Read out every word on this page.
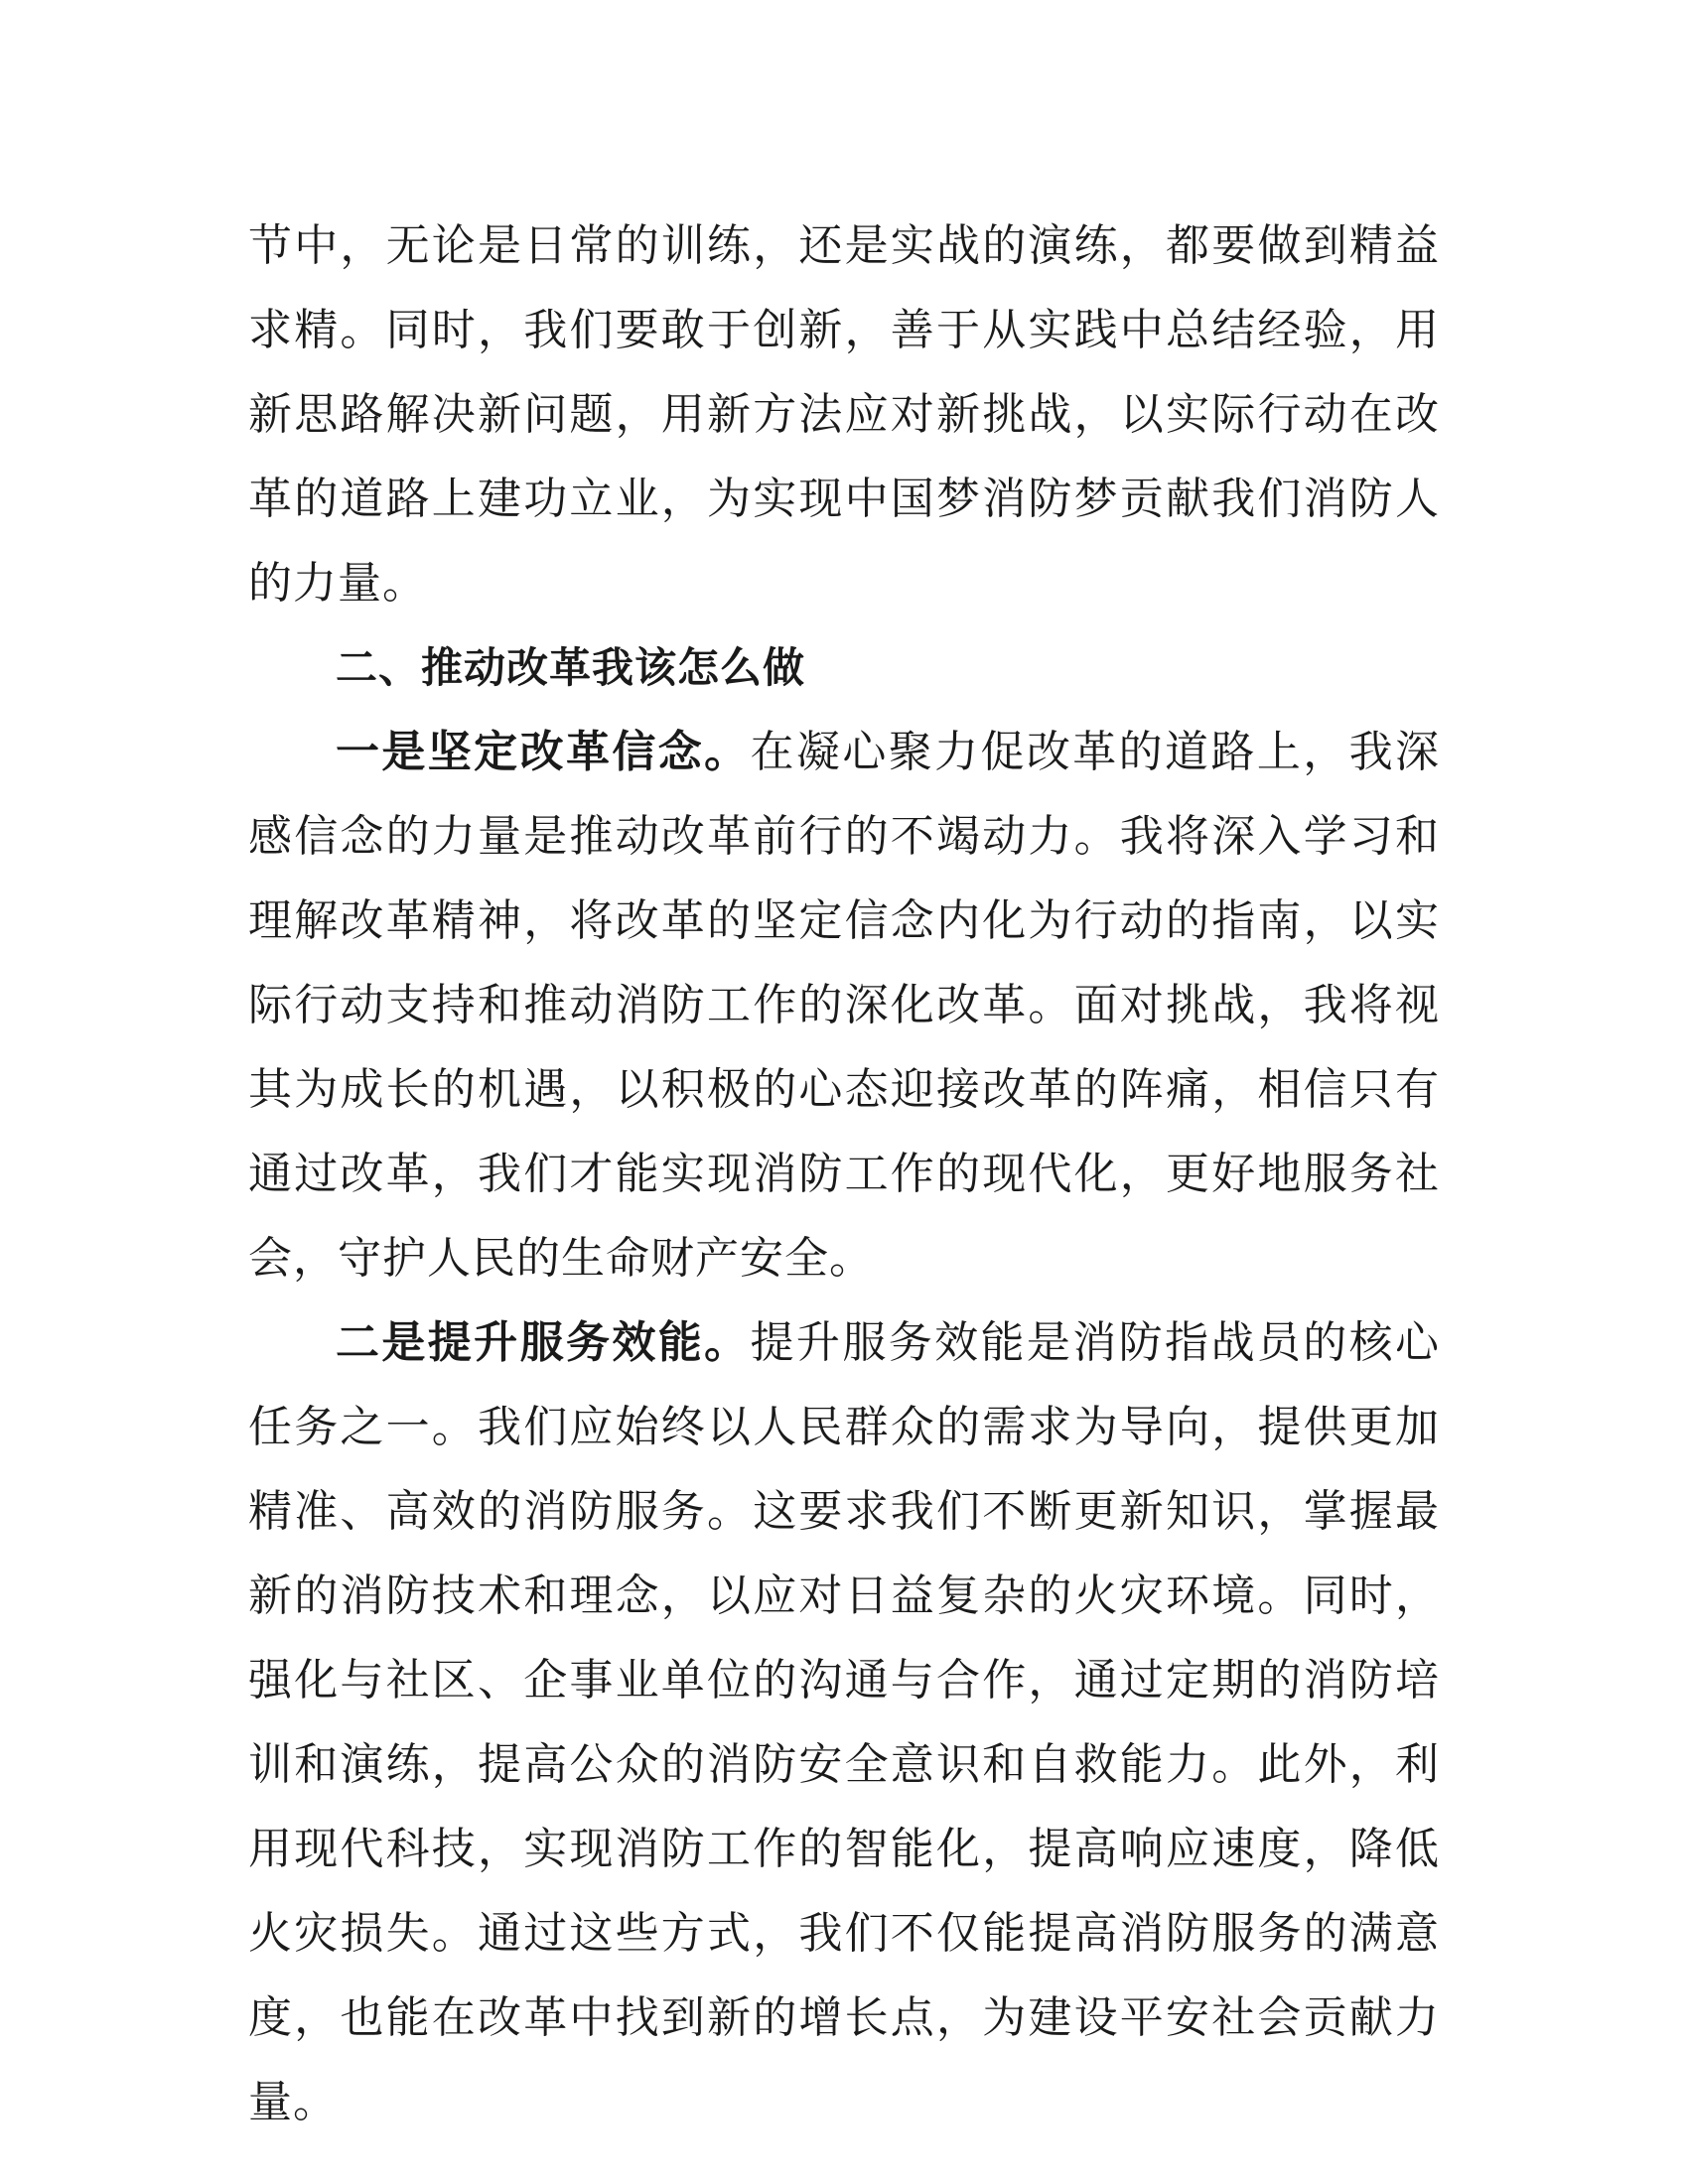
节中，无论是日常的训练，还是实战的演练，都要做到精益求精。同时，我们要敢于创新，善于从实践中总结经验，用新思路解决新问题，用新方法应对新挑战，以实际行动在改革的道路上建功立业，为实现中国梦消防梦贡献我们消防人的力量。

二、推动改革我该怎么做

一是坚定改革信念。在凝心聚力促改革的道路上，我深感信念的力量是推动改革前行的不竭动力。我将深入学习和理解改革精神，将改革的坚定信念内化为行动的指南，以实际行动支持和推动消防工作的深化改革。面对挑战，我将视其为成长的机遇，以积极的心态迎接改革的阵痛，相信只有通过改革，我们才能实现消防工作的现代化，更好地服务社会，守护人民的生命财产安全。

二是提升服务效能。提升服务效能是消防指战员的核心任务之一。我们应始终以人民群众的需求为导向，提供更加精准、高效的消防服务。这要求我们不断更新知识，掌握最新的消防技术和理念，以应对日益复杂的火灾环境。同时，强化与社区、企事业单位的沟通与合作，通过定期的消防培训和演练，提高公众的消防安全意识和自救能力。此外，利用现代科技，实现消防工作的智能化，提高响应速度，降低火灾损失。通过这些方式，我们不仅能提高消防服务的满意度，也能在改革中找到新的增长点，为建设平安社会贡献力量。
